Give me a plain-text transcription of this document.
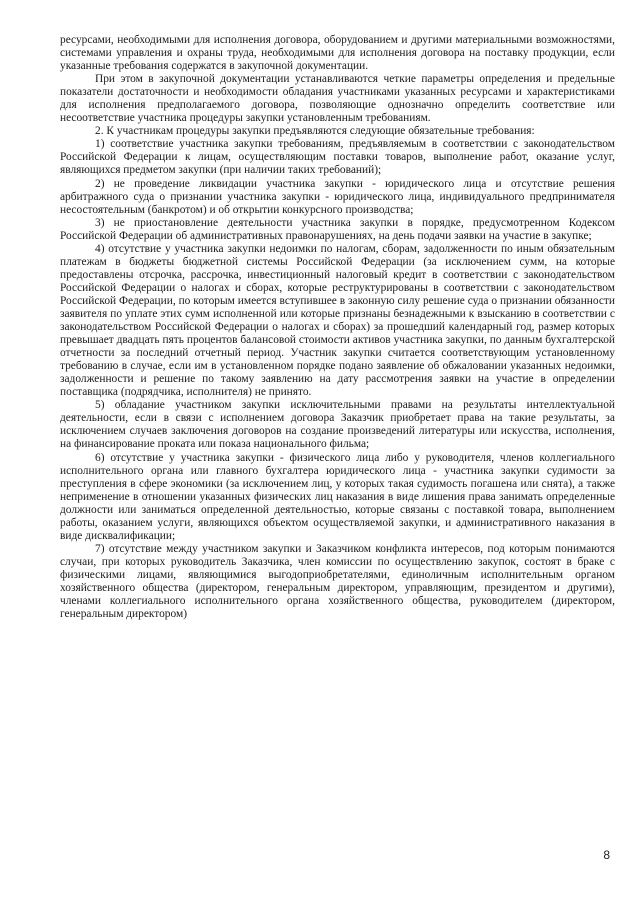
ресурсами, необходимыми для исполнения договора, оборудованием и другими материальными возможностями, системами управления и охраны труда, необходимыми для исполнения договора на поставку продукции, если указанные требования содержатся в закупочной документации.

При этом в закупочной документации устанавливаются четкие параметры определения и предельные показатели достаточности и необходимости обладания участниками указанных ресурсами и характеристиками для исполнения предполагаемого договора, позволяющие однозначно определить соответствие или несоответствие участника процедуры закупки установленным требованиям.

2. К участникам процедуры закупки предъявляются следующие обязательные требования:

1) соответствие участника закупки требованиям, предъявляемым в соответствии с законодательством Российской Федерации к лицам, осуществляющим поставки товаров, выполнение работ, оказание услуг, являющихся предметом закупки (при наличии таких требований);

2) не проведение ликвидации участника закупки - юридического лица и отсутствие решения арбитражного суда о признании участника закупки - юридического лица, индивидуального предпринимателя несостоятельным (банкротом) и об открытии конкурсного производства;

3) не приостановление деятельности участника закупки в порядке, предусмотренном Кодексом Российской Федерации об административных правонарушениях, на день подачи заявки на участие в закупке;

4) отсутствие у участника закупки недоимки по налогам, сборам, задолженности по иным обязательным платежам в бюджеты бюджетной системы Российской Федерации (за исключением сумм, на которые предоставлены отсрочка, рассрочка, инвестиционный налоговый кредит в соответствии с законодательством Российской Федерации о налогах и сборах, которые реструктурированы в соответствии с законодательством Российской Федерации, по которым имеется вступившее в законную силу решение суда о признании обязанности заявителя по уплате этих сумм исполненной или которые признаны безнадежными к взысканию в соответствии с законодательством Российской Федерации о налогах и сборах) за прошедший календарный год, размер которых превышает двадцать пять процентов балансовой стоимости активов участника закупки, по данным бухгалтерской отчетности за последний отчетный период. Участник закупки считается соответствующим установленному требованию в случае, если им в установленном порядке подано заявление об обжаловании указанных недоимки, задолженности и решение по такому заявлению на дату рассмотрения заявки на участие в определении поставщика (подрядчика, исполнителя) не принято.

5) обладание участником закупки исключительными правами на результаты интеллектуальной деятельности, если в связи с исполнением договора Заказчик приобретает права на такие результаты, за исключением случаев заключения договоров на создание произведений литературы или искусства, исполнения, на финансирование проката или показа национального фильма;

6) отсутствие у участника закупки - физического лица либо у руководителя, членов коллегиального исполнительного органа или главного бухгалтера юридического лица - участника закупки судимости за преступления в сфере экономики (за исключением лиц, у которых такая судимость погашена или снята), а также неприменение в отношении указанных физических лиц наказания в виде лишения права занимать определенные должности или заниматься определенной деятельностью, которые связаны с поставкой товара, выполнением работы, оказанием услуги, являющихся объектом осуществляемой закупки, и административного наказания в виде дисквалификации;

7) отсутствие между участником закупки и Заказчиком конфликта интересов, под которым понимаются случаи, при которых руководитель Заказчика, член комиссии по осуществлению закупок, состоят в браке с физическими лицами, являющимися выгодоприобретателями, единоличным исполнительным органом хозяйственного общества (директором, генеральным директором, управляющим, президентом и другими), членами коллегиального исполнительного органа хозяйственного общества, руководителем (директором, генеральным директором)

8
